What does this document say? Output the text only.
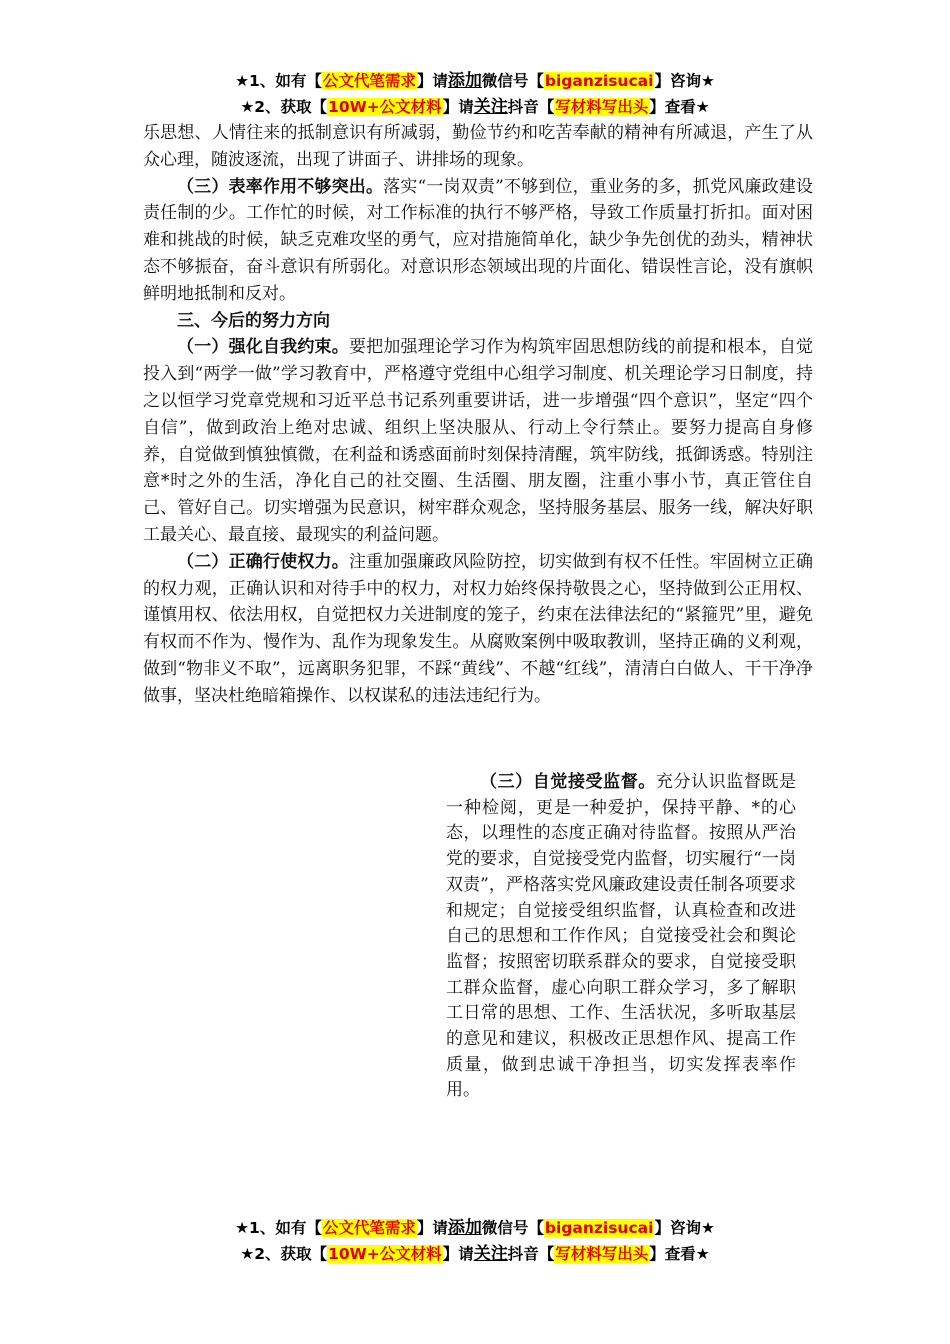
★1、如有【公文代笔需求】请添加微信号【biganzisucai】咨询★
★2、获取【10W+公文材料】请关注抖音【写材料写出头】查看★

乐思想、人情往来的抵制意识有所减弱，勤俭节约和吃苦奉献的精神有所减退，产生了从众心理，随波逐流，出现了讲面子、讲排场的现象。

（三）表率作用不够突出。落实“一岗双责”不够到位，重业务的多，抓党风廉政建设责任制的少。工作忙的时候，对工作标准的执行不够严格，导致工作质量打折扣。面对困难和挑战的时候，缺乏克难攻坚的勇气，应对措施简单化，缺少争先创优的劲头，精神状态不够振奋，奋斗意识有所弱化。对意识形态领域出现的片面化、错误性言论，没有旗帜鲜明地抵制和反对。

三、今后的努力方向

（一）强化自我约束。要把加强理论学习作为构筑牢固思想防线的前提和根本，自觉投入到“两学一做”学习教育中，严格遵守党组中心组学习制度、机关理论学习日制度，持之以恒学习党章党规和习近平总书记系列重要讲话，进一步增强“四个意识”，坚定“四个自信”，做到政治上绝对忠诚、组织上坚决服从、行动上令行禁止。要努力提高自身修养，自觉做到慎独慎微，在利益和诱惑面前时刻保持清醒，筑牢防线，抵御诱惑。特别注意*时之外的生活，净化自己的社交圈、生活圈、朋友圈，注重小事小节，真正管住自己、管好自己。切实增强为民意识，树牢群众观念，坚持服务基层、服务一线，解决好职工最关心、最直接、最现实的利益问题。

（二）正确行使权力。注重加强廉政风险防控，切实做到有权不任性。牢固树立正确的权力观，正确认识和对待手中的权力，对权力始终保持敬畏之心，坚持做到公正用权、谨慎用权、依法用权，自觉把权力关进制度的笼子，约束在法律法纪的“紧箍咒”里，避免有权而不作为、慢作为、乱作为现象发生。从腐败案例中吸取教训，坚持正确的义利观，做到“物非义不取”，远离职务犯罪，不踩“黄线”、不越“红线”，清清白白做人、干干净净做事，坚决杜绝暗箱操作、以权谋私的违法违纪行为。

（三）自觉接受监督。充分认识监督既是一种检阅，更是一种爱护，保持平静、*的心态，以理性的态度正确对待监督。按照从严治党的要求，自觉接受党内监督，切实履行“一岗双责”，严格落实党风廉政建设责任制各项要求和规定；自觉接受组织监督，认真检查和改进自己的思想和工作作风；自觉接受社会和舆论监督；按照密切联系群众的要求，自觉接受职工群众监督，虚心向职工群众学习，多了解职工日常的思想、工作、生活状况，多听取基层的意见和建议，积极改正思想作风、提高工作质量，做到忠诚干净担当，切实发挥表率作用。

★1、如有【公文代笔需求】请添加微信号【biganzisucai】咨询★
★2、获取【10W+公文材料】请关注抖音【写材料写出头】查看★
